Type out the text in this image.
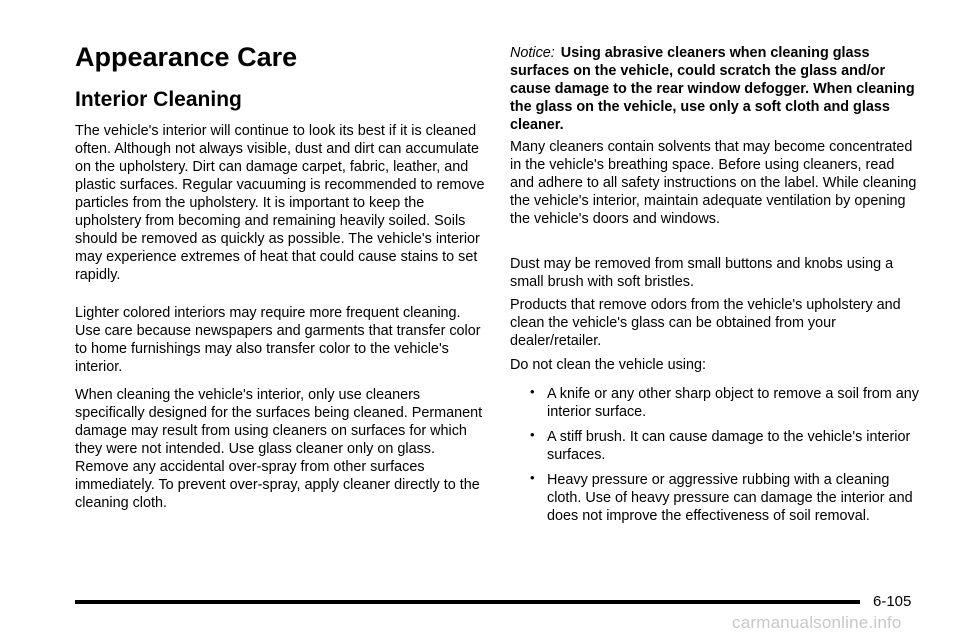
Appearance Care
Interior Cleaning

The vehicle's interior will continue to look its best if it is cleaned often. Although not always visible, dust and dirt can accumulate on the upholstery. Dirt can damage carpet, fabric, leather, and plastic surfaces. Regular vacuuming is recommended to remove particles from the upholstery. It is important to keep the upholstery from becoming and remaining heavily soiled. Soils should be removed as quickly as possible. The vehicle's interior may experience extremes of heat that could cause stains to set rapidly.

Lighter colored interiors may require more frequent cleaning. Use care because newspapers and garments that transfer color to home furnishings may also transfer color to the vehicle's interior.

When cleaning the vehicle's interior, only use cleaners specifically designed for the surfaces being cleaned. Permanent damage may result from using cleaners on surfaces for which they were not intended. Use glass cleaner only on glass. Remove any accidental over-spray from other surfaces immediately. To prevent over-spray, apply cleaner directly to the cleaning cloth.

Notice: Using abrasive cleaners when cleaning glass surfaces on the vehicle, could scratch the glass and/or cause damage to the rear window defogger. When cleaning the glass on the vehicle, use only a soft cloth and glass cleaner.

Many cleaners contain solvents that may become concentrated in the vehicle's breathing space. Before using cleaners, read and adhere to all safety instructions on the label. While cleaning the vehicle's interior, maintain adequate ventilation by opening the vehicle's doors and windows.

Dust may be removed from small buttons and knobs using a small brush with soft bristles.

Products that remove odors from the vehicle's upholstery and clean the vehicle's glass can be obtained from your dealer/retailer.

Do not clean the vehicle using:

• A knife or any other sharp object to remove a soil from any interior surface.
• A stiff brush. It can cause damage to the vehicle's interior surfaces.
• Heavy pressure or aggressive rubbing with a cleaning cloth. Use of heavy pressure can damage the interior and does not improve the effectiveness of soil removal.
6-105
carmanualsonline.info
